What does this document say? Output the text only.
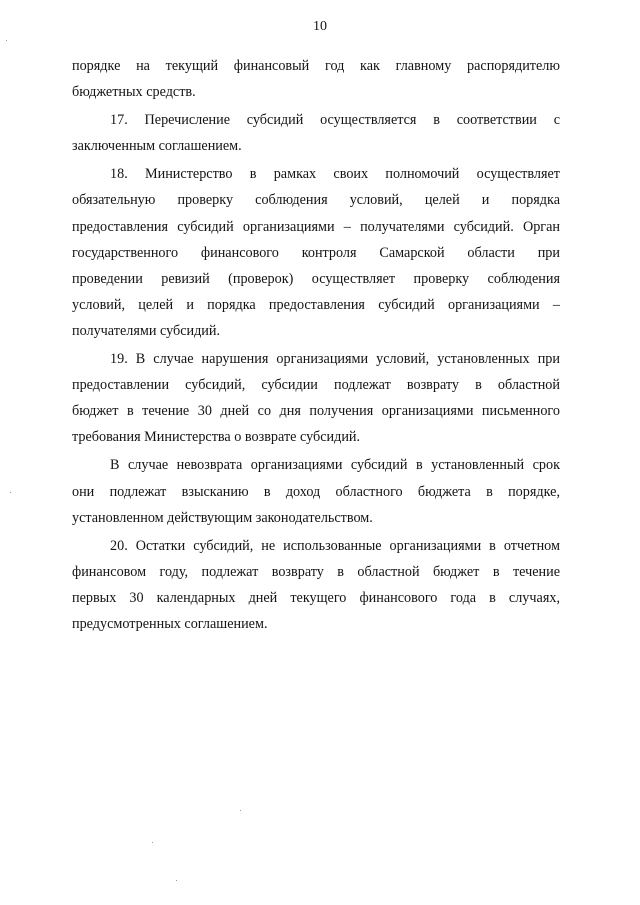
10
порядке на текущий финансовый год как главному распорядителю
бюджетных средств.
17. Перечисление субсидий осуществляется в соответствии с
заключенным соглашением.
18. Министерство в рамках своих полномочий осуществляет
обязательную проверку соблюдения условий, целей и порядка
предоставления субсидий организациями – получателями субсидий. Орган
государственного финансового контроля Самарской области при
проведении ревизий (проверок) осуществляет проверку соблюдения
условий, целей и порядка предоставления субсидий организациями –
получателями субсидий.
19. В случае нарушения организациями условий, установленных при
предоставлении субсидий, субсидии подлежат возврату в областной
бюджет в течение 30 дней со дня получения организациями письменного
требования Министерства о возврате субсидий.
В случае невозврата организациями субсидий в установленный срок
они подлежат взысканию в доход областного бюджета в порядке,
установленном действующим законодательством.
20. Остатки субсидий, не использованные организациями в отчетном
финансовом году, подлежат возврату в областной бюджет в течение
первых 30 календарных дней текущего финансового года в случаях,
предусмотренных соглашением.
